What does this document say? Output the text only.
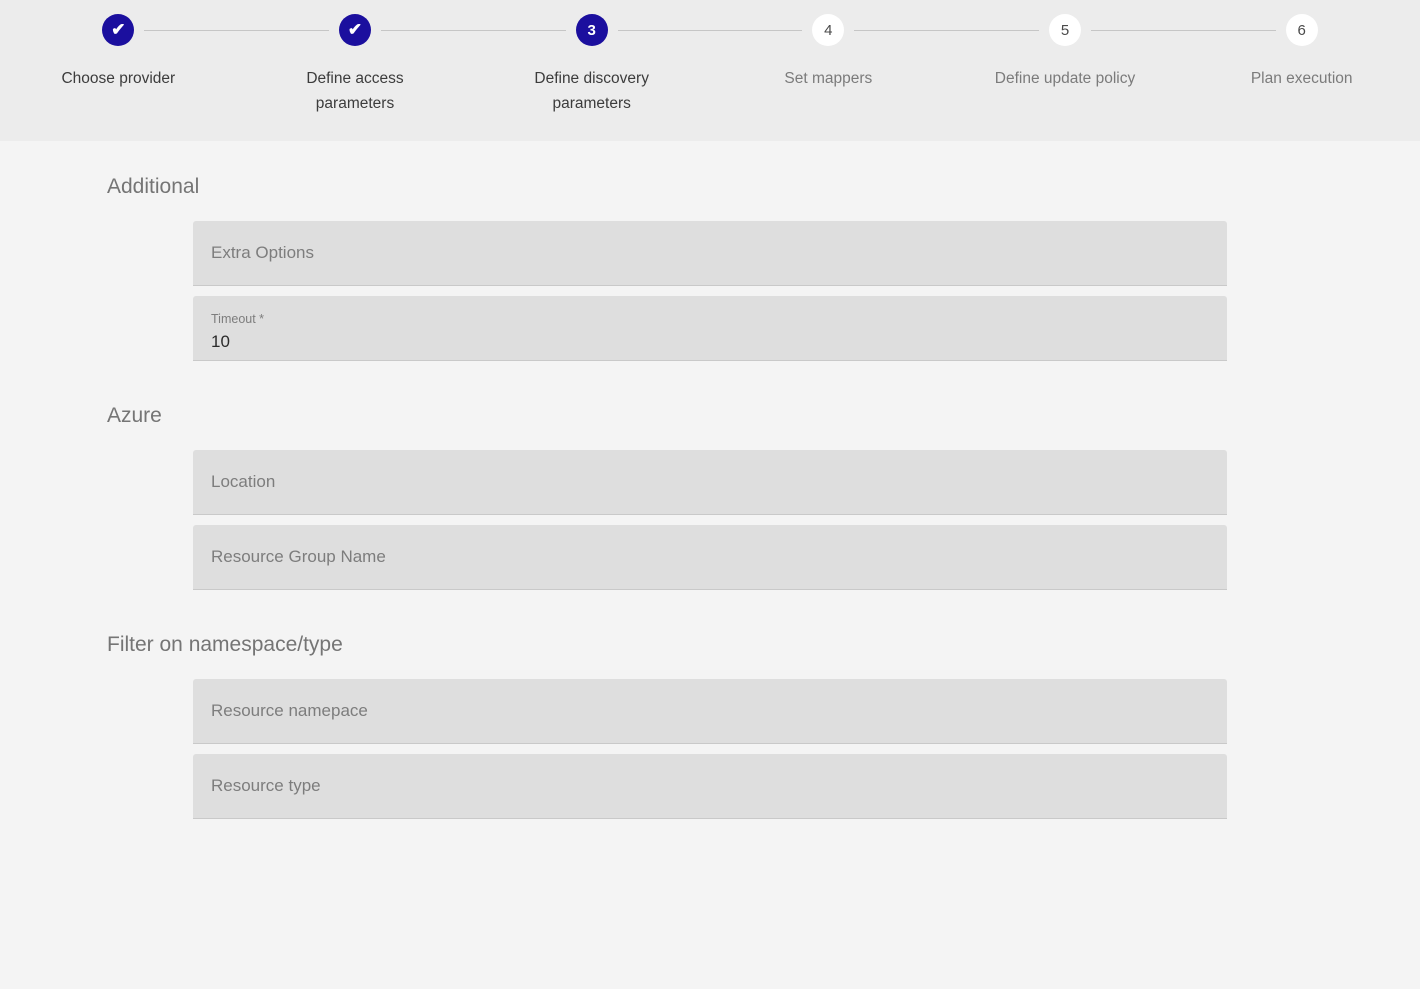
✔
Choose provider
✔
Define access parameters
3
Define discovery parameters
4
Set mappers
5
Define update policy
6
Plan execution
Additional
Extra Options
Timeout *
10
Azure
Location
Resource Group Name
Filter on namespace/type
Resource namepace
Resource type
